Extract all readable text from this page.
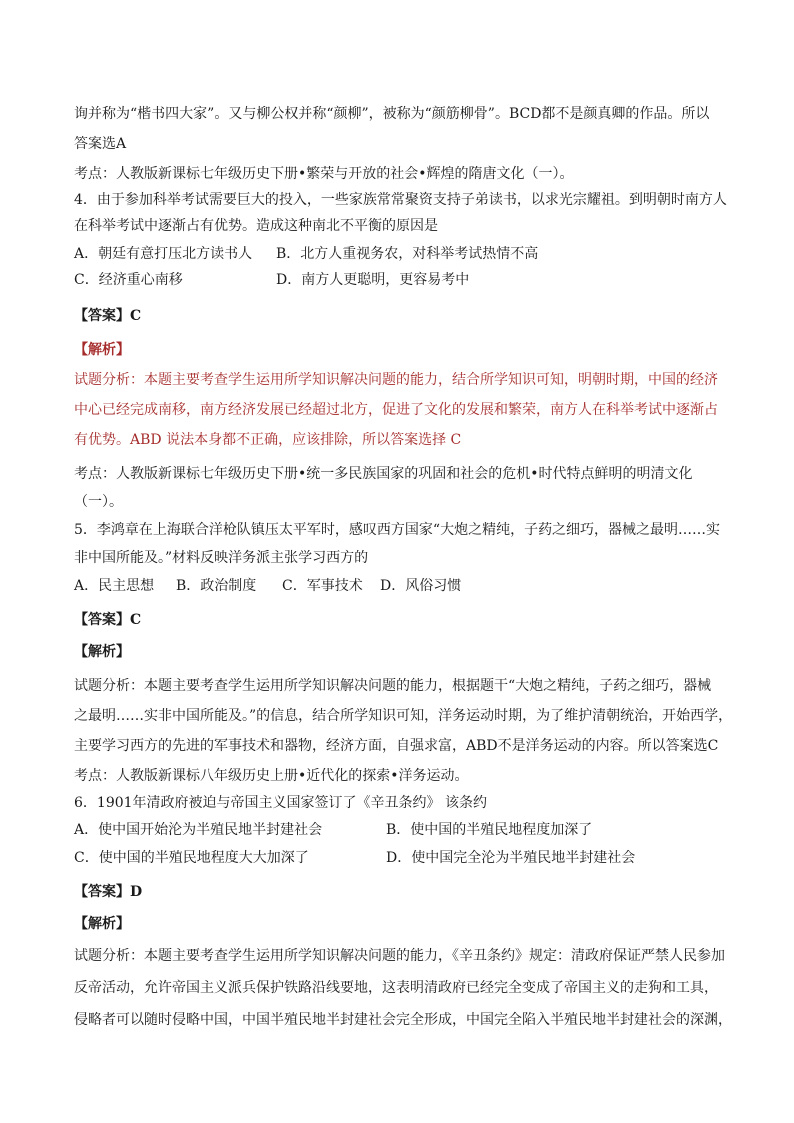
询并称为“楷书四大家”。又与柳公权并称“颜柳”，被称为“颜筋柳骨”。BCD都不是颜真卿的作品。所以
答案选A
考点：人教版新课标七年级历史下册•繁荣与开放的社会•辉煌的隋唐文化（一）。
4．由于参加科举考试需要巨大的投入，一些家族常常聚资支持子弟读书，以求光宗耀祖。到明朝时南方人
在科举考试中逐渐占有优势。造成这种南北不平衡的原因是
A．朝廷有意打压北方读书人 B．北方人重视务农，对科举考试热情不高
C．经济重心南移	D．南方人更聪明，更容易考中
【答案】C
【解析】
试题分析：本题主要考查学生运用所学知识解决问题的能力，结合所学知识可知，明朝时期，中国的经济
中心已经完成南移，南方经济发展已经超过北方，促进了文化的发展和繁荣，南方人在科举考试中逐渐占
有优势。ABD 说法本身都不正确，应该排除，所以答案选择 C
考点：人教版新课标七年级历史下册•统一多民族国家的巩固和社会的危机•时代特点鲜明的明清文化
（一）。
5．李鸿章在上海联合洋枪队镇压太平军时，感叹西方国家“大炮之精纯，子药之细巧，器械之最明……实
非中国所能及。”材料反映洋务派主张学习西方的
A．民主思想 B．政治制度 C．军事技术 D．风俗习惯
【答案】C
【解析】
试题分析：本题主要考查学生运用所学知识解决问题的能力，根据题干“大炮之精纯，子药之细巧，器械
之最明……实非中国所能及。”的信息，结合所学知识可知，洋务运动时期，为了维护清朝统治，开始西学，
主要学习西方的先进的军事技术和器物，经济方面，自强求富，ABD不是洋务运动的内容。所以答案选C
考点：人教版新课标八年级历史上册•近代化的探索•洋务运动。
6．1901年清政府被迫与帝国主义国家签订了《辛丑条约》 该条约
A．使中国开始沦为半殖民地半封建社会	B．使中国的半殖民地程度加深了
C．使中国的半殖民地程度大大加深了	D．使中国完全沦为半殖民地半封建社会
【答案】D
【解析】
试题分析：本题主要考查学生运用所学知识解决问题的能力，《辛丑条约》规定：清政府保证严禁人民参加
反帝活动，允许帝国主义派兵保护铁路沿线要地，这表明清政府已经完全变成了帝国主义的走狗和工具，
侵略者可以随时侵略中国，中国半殖民地半封建社会完全形成，中国完全陷入半殖民地半封建社会的深渊，
